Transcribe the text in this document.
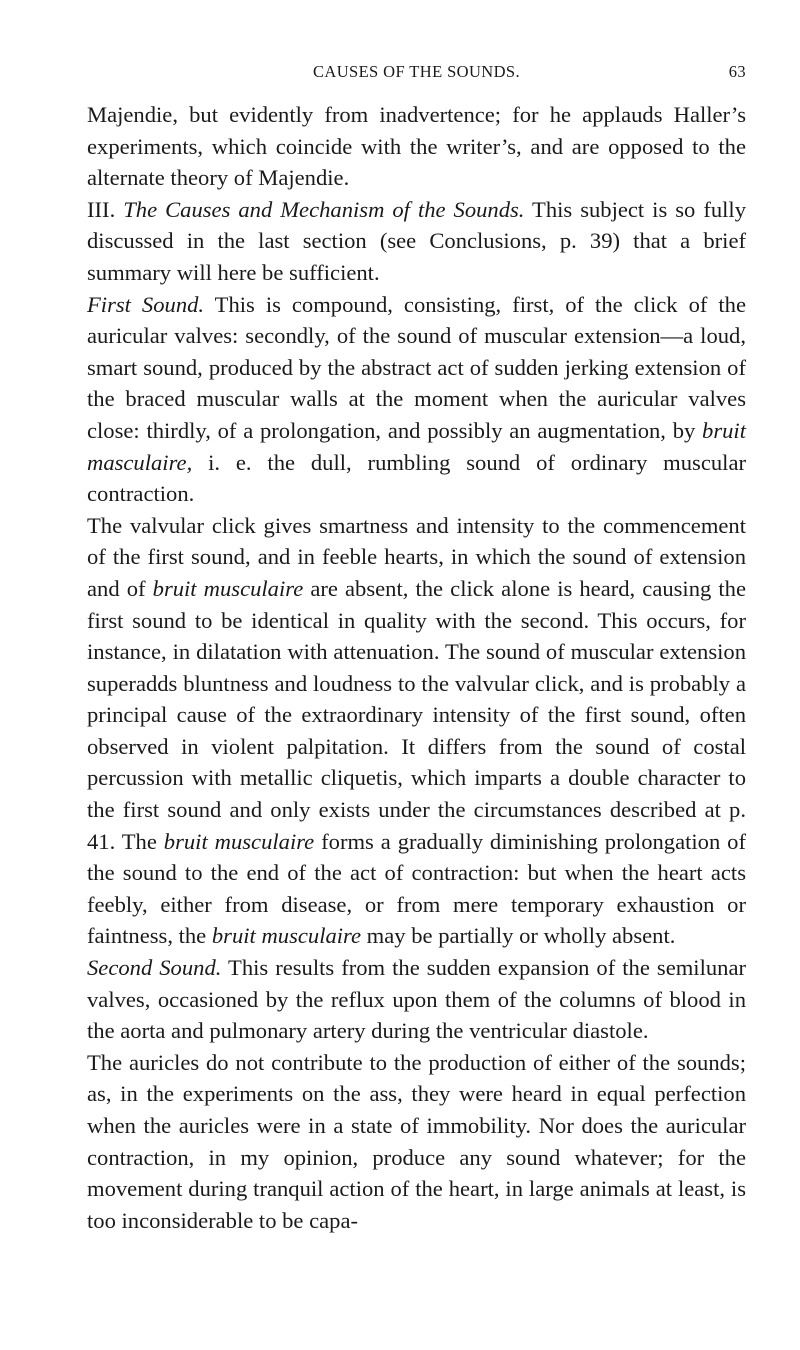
CAUSES OF THE SOUNDS.	63

Majendie, but evidently from inadvertence; for he applauds Haller’s experiments, which coincide with the writer’s, and are opposed to the alternate theory of Majendie.

III. The Causes and Mechanism of the Sounds. This subject is so fully discussed in the last section (see Conclusions, p. 39) that a brief summary will here be sufficient.

First Sound. This is compound, consisting, first, of the click of the auricular valves: secondly, of the sound of muscular extension—a loud, smart sound, produced by the abstract act of sudden jerking extension of the braced muscular walls at the moment when the auricular valves close: thirdly, of a prolongation, and possibly an augmentation, by bruit masculaire, i. e. the dull, rumbling sound of ordinary muscular contraction.

The valvular click gives smartness and intensity to the commencement of the first sound, and in feeble hearts, in which the sound of extension and of bruit musculaire are absent, the click alone is heard, causing the first sound to be identical in quality with the second. This occurs, for instance, in dilatation with attenuation. The sound of muscular extension superadds bluntness and loudness to the valvular click, and is probably a principal cause of the extraordinary intensity of the first sound, often observed in violent palpitation. It differs from the sound of costal percussion with metallic cliquetis, which imparts a double character to the first sound and only exists under the circumstances described at p. 41. The bruit musculaire forms a gradually diminishing prolongation of the sound to the end of the act of contraction: but when the heart acts feebly, either from disease, or from mere temporary exhaustion or faintness, the bruit musculaire may be partially or wholly absent.

Second Sound. This results from the sudden expansion of the semilunar valves, occasioned by the reflux upon them of the columns of blood in the aorta and pulmonary artery during the ventricular diastole.

The auricles do not contribute to the production of either of the sounds; as, in the experiments on the ass, they were heard in equal perfection when the auricles were in a state of immobility. Nor does the auricular contraction, in my opinion, produce any sound whatever; for the movement during tranquil action of the heart, in large animals at least, is too inconsiderable to be capa-
